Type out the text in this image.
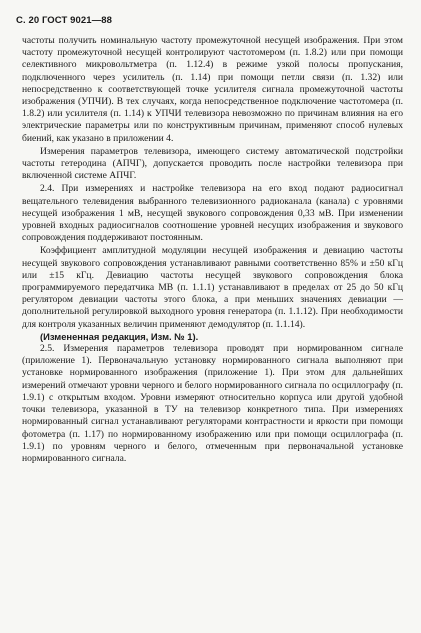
С. 20 ГОСТ 9021—88

частоты получить номинальную частоту промежуточной несущей изображения. При этом частоту промежуточной несущей контролируют частотомером (п. 1.8.2) или при помощи селективного микровольтметра (п. 1.12.4) в режиме узкой полосы пропускания, подключенного через усилитель (п. 1.14) при помощи петли связи (п. 1.32) или непосредственно к соответствующей точке усилителя сигнала промежуточной частоты изображения (УПЧИ). В тех случаях, когда непосредственное подключение частотомера (п. 1.8.2) или усилителя (п. 1.14) к УПЧИ телевизора невозможно по причинам влияния на его электрические параметры или по конструктивным причинам, применяют способ нулевых биений, как указано в приложении 4.

Измерения параметров телевизора, имеющего систему автоматической подстройки частоты гетеродина (АПЧГ), допускается проводить после настройки телевизора при включенной системе АПЧГ.

2.4. При измерениях и настройке телевизора на его вход подают радиосигнал вещательного телевидения выбранного телевизионного радиоканала (канала) с уровнями несущей изображения 1 мВ, несущей звукового сопровождения 0,33 мВ. При изменении уровней входных радиосигналов соотношение уровней несущих изображения и звукового сопровождения поддерживают постоянным.

Коэффициент амплитудной модуляции несущей изображения и девиацию частоты несущей звукового сопровождения устанавливают равными соответственно 85% и ±50 кГц или ±15 кГц. Девиацию частоты несущей звукового сопровождения блока программируемого передатчика МВ (п. 1.1.1) устанавливают в пределах от 25 до 50 кГц регулятором девиации частоты этого блока, а при меньших значениях девиации — дополнительной регулировкой выходного уровня генератора (п. 1.1.12). При необходимости для контроля указанных величин применяют демодулятор (п. 1.1.14).

(Измененная редакция, Изм. № 1).

2.5. Измерения параметров телевизора проводят при нормированном сигнале (приложение 1). Первоначальную установку нормированного сигнала выполняют при установке нормированного изображения (приложение 1). При этом для дальнейших измерений отмечают уровни черного и белого нормированного сигнала по осциллографу (п. 1.9.1) с открытым входом. Уровни измеряют относительно корпуса или другой удобной точки телевизора, указанной в ТУ на телевизор конкретного типа. При измерениях нормированный сигнал устанавливают регуляторами контрастности и яркости при помощи фотометра (п. 1.17) по нормированному изображению или при помощи осциллографа (п. 1.9.1) по уровням черного и белого, отмеченным при первоначальной установке нормированного сигнала.
